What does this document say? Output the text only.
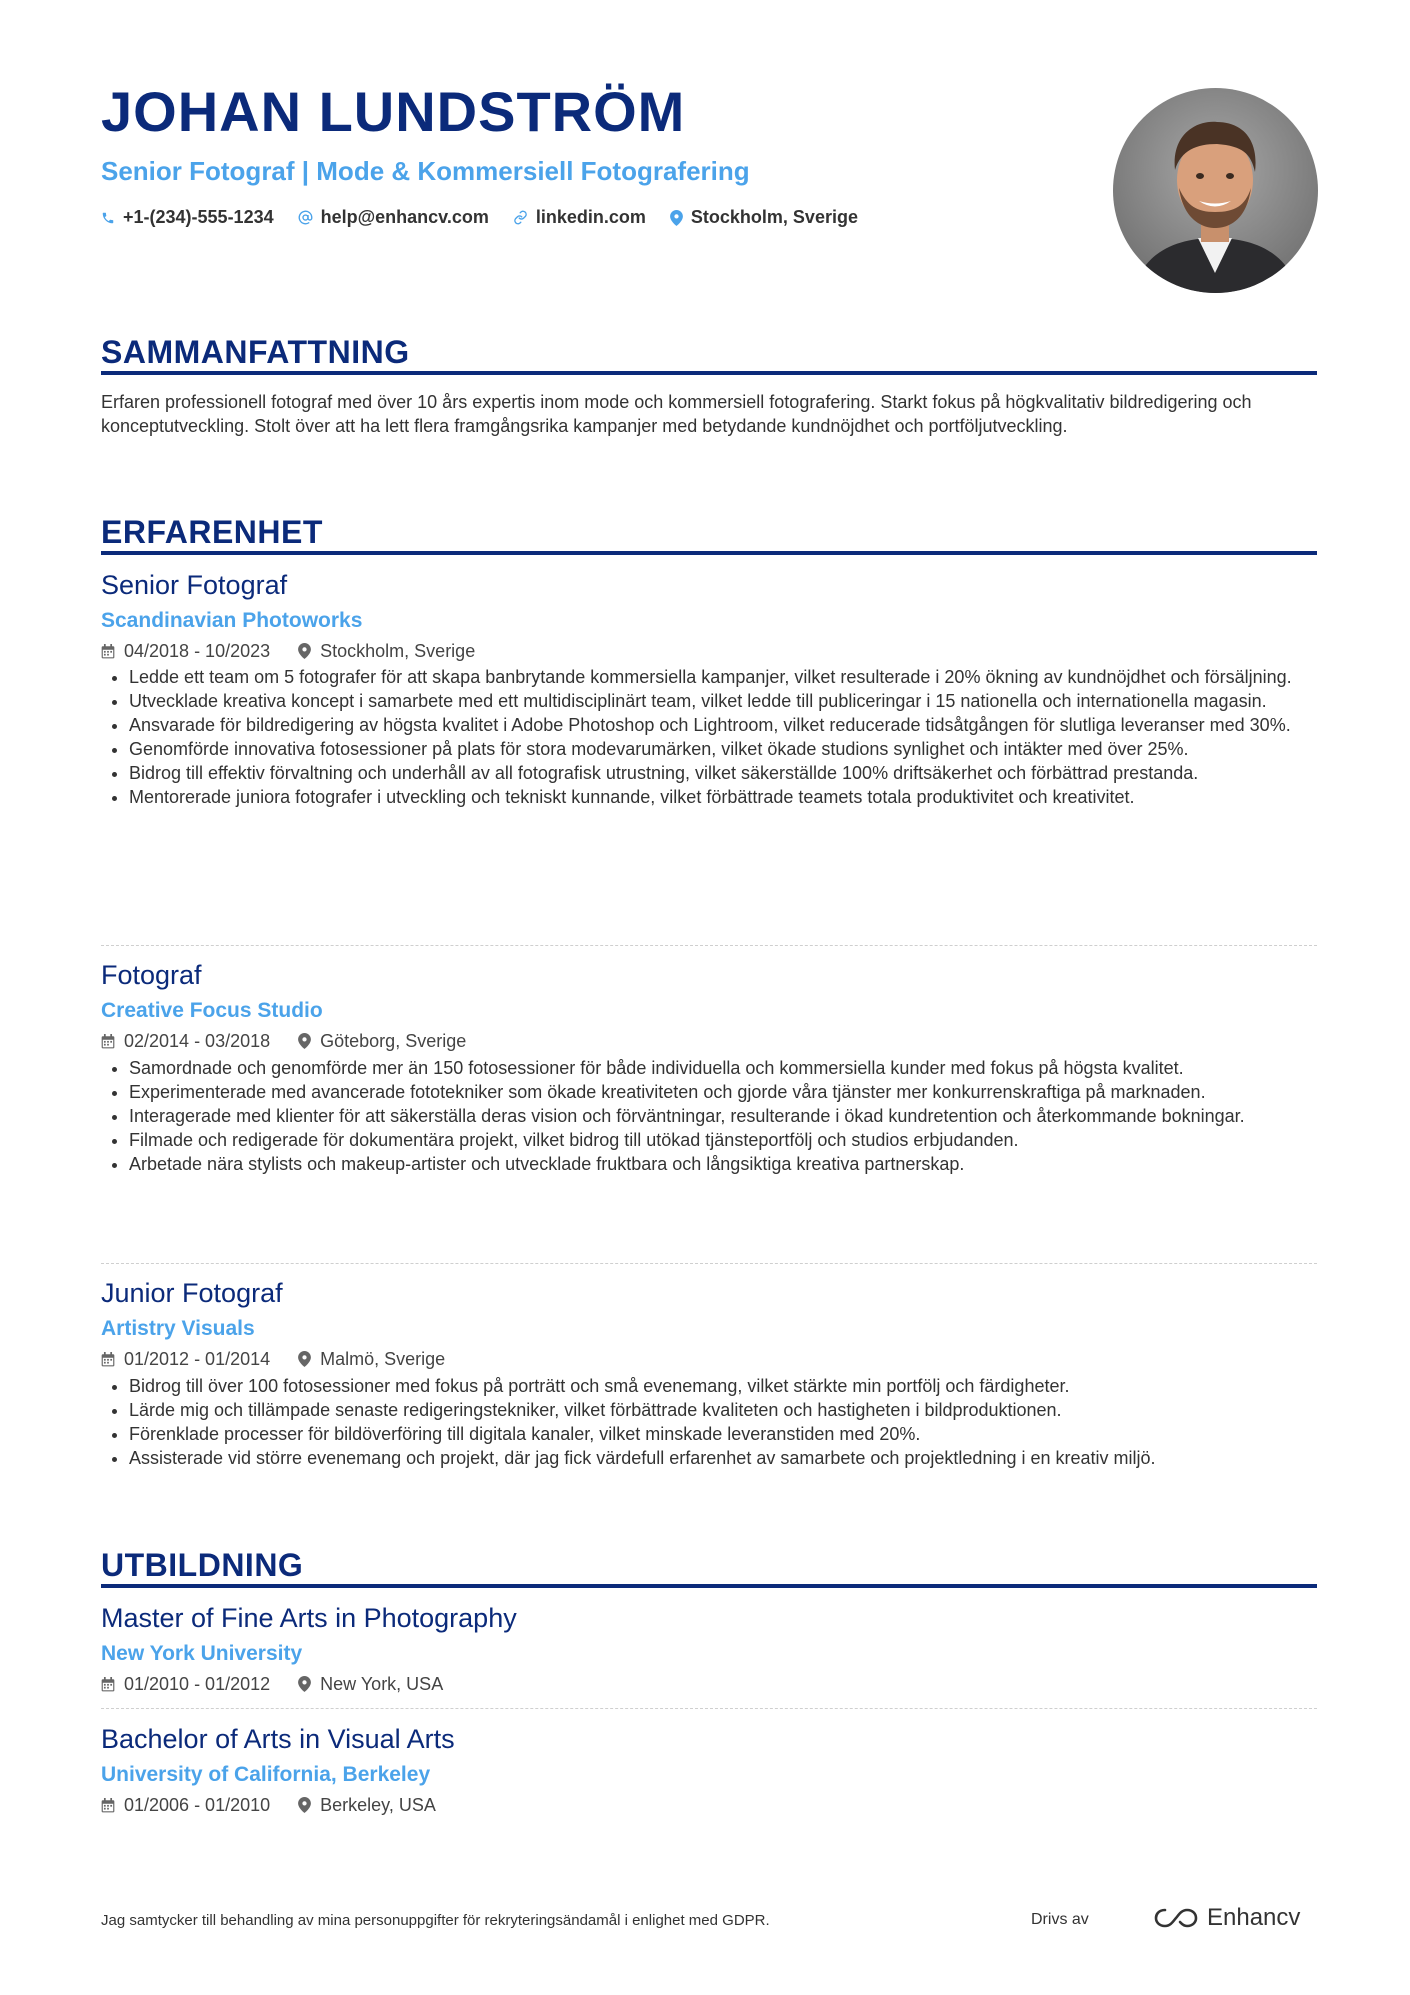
JOHAN LUNDSTRÖM
Senior Fotograf | Mode & Kommersiell Fotografering
+1-(234)-555-1234	help@enhancv.com	linkedin.com	Stockholm, Sverige
SAMMANFATTNING
Erfaren professionell fotograf med över 10 års expertis inom mode och kommersiell fotografering. Starkt fokus på högkvalitativ bildredigering och konceptutveckling. Stolt över att ha lett flera framgångsrika kampanjer med betydande kundnöjdhet och portföljutveckling.
ERFARENHET
Senior Fotograf
Scandinavian Photoworks
04/2018 - 10/2023	Stockholm, Sverige
• Ledde ett team om 5 fotografer för att skapa banbrytande kommersiella kampanjer, vilket resulterade i 20% ökning av kundnöjdhet och försäljning.
• Utvecklade kreativa koncept i samarbete med ett multidisciplinärt team, vilket ledde till publiceringar i 15 nationella och internationella magasin.
• Ansvarade för bildredigering av högsta kvalitet i Adobe Photoshop och Lightroom, vilket reducerade tidsåtgången för slutliga leveranser med 30%.
• Genomförde innovativa fotosessioner på plats för stora modevarumärken, vilket ökade studions synlighet och intäkter med över 25%.
• Bidrog till effektiv förvaltning och underhåll av all fotografisk utrustning, vilket säkerställde 100% driftsäkerhet och förbättrad prestanda.
• Mentorerade juniora fotografer i utveckling och tekniskt kunnande, vilket förbättrade teamets totala produktivitet och kreativitet.
Fotograf
Creative Focus Studio
02/2014 - 03/2018	Göteborg, Sverige
• Samordnade och genomförde mer än 150 fotosessioner för både individuella och kommersiella kunder med fokus på högsta kvalitet.
• Experimenterade med avancerade fototekniker som ökade kreativiteten och gjorde våra tjänster mer konkurrenskraftiga på marknaden.
• Interagerade med klienter för att säkerställa deras vision och förväntningar, resulterande i ökad kundretention och återkommande bokningar.
• Filmade och redigerade för dokumentära projekt, vilket bidrog till utökad tjänsteportfölj och studios erbjudanden.
• Arbetade nära stylists och makeup-artister och utvecklade fruktbara och långsiktiga kreativa partnerskap.
Junior Fotograf
Artistry Visuals
01/2012 - 01/2014	Malmö, Sverige
• Bidrog till över 100 fotosessioner med fokus på porträtt och små evenemang, vilket stärkte min portfölj och färdigheter.
• Lärde mig och tillämpade senaste redigeringstekniker, vilket förbättrade kvaliteten och hastigheten i bildproduktionen.
• Förenklade processer för bildöverföring till digitala kanaler, vilket minskade leveranstiden med 20%.
• Assisterade vid större evenemang och projekt, där jag fick värdefull erfarenhet av samarbete och projektledning i en kreativ miljö.
UTBILDNING
Master of Fine Arts in Photography
New York University
01/2010 - 01/2012	New York, USA
Bachelor of Arts in Visual Arts
University of California, Berkeley
01/2006 - 01/2010	Berkeley, USA
Jag samtycker till behandling av mina personuppgifter för rekryteringsändamål i enlighet med GDPR.	Drivs av	Enhancv
